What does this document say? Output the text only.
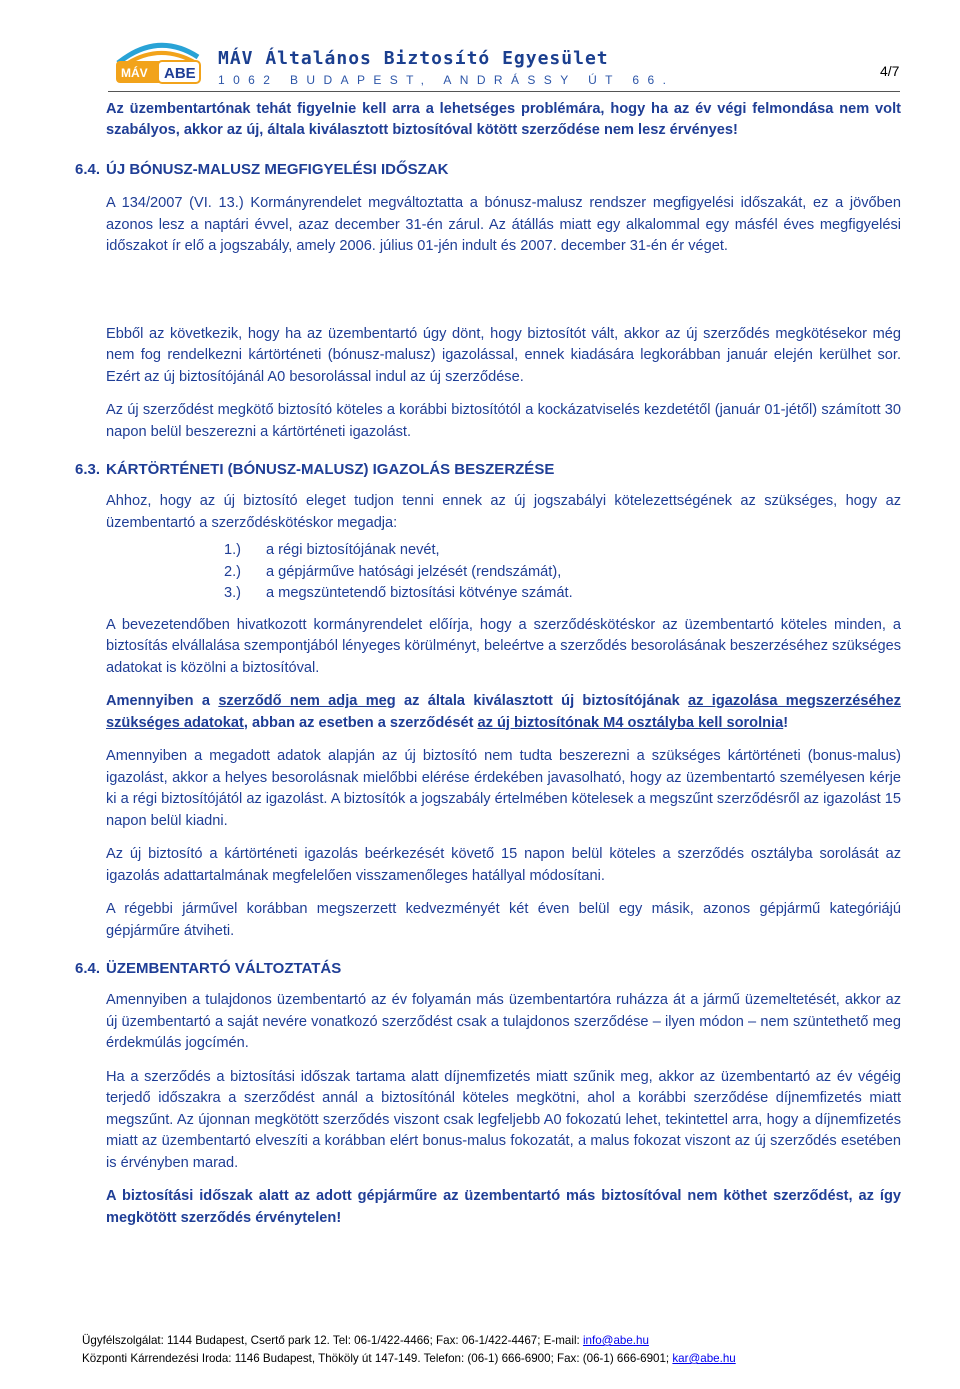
MÁV ABE
MÁV Általános Biztosító Egyesület
1062 BUDAPEST, ANDRÁSSY ÚT 66.
4/7

Az üzembentartónak tehát figyelnie kell arra a lehetséges problémára, hogy ha az év végi felmondása nem volt szabályos, akkor az új, általa kiválasztott biztosítóval kötött szerződése nem lesz érvényes!

6.4. ÚJ BÓNUSZ-MALUSZ MEGFIGYELÉSI IDŐSZAK

A 134/2007 (VI. 13.) Kormányrendelet megváltoztatta a bónusz-malusz rendszer megfigyelési időszakát, ez a jövőben azonos lesz a naptári évvel, azaz december 31-én zárul. Az átállás miatt egy alkalommal egy másfél éves megfigyelési időszakot ír elő a jogszabály, amely 2006. július 01-jén indult és 2007. december 31-én ér véget.

Ebből az következik, hogy ha az üzembentartó úgy dönt, hogy biztosítót vált, akkor az új szerződés megkötésekor még nem fog rendelkezni kártörténeti (bónusz-malusz) igazolással, ennek kiadására legkorábban január elején kerülhet sor. Ezért az új biztosítójánál A0 besorolással indul az új szerződése.

Az új szerződést megkötő biztosító köteles a korábbi biztosítótól a kockázatviselés kezdetétől (január 01-jétől) számított 30 napon belül beszerezni a kártörténeti igazolást.

6.3. KÁRTÖRTÉNETI (BÓNUSZ-MALUSZ) IGAZOLÁS BESZERZÉSE

Ahhoz, hogy az új biztosító eleget tudjon tenni ennek az új jogszabályi kötelezettségének az szükséges, hogy az üzembentartó a szerződéskötéskor megadja:

1.) a régi biztosítójának nevét,
2.) a gépjárműve hatósági jelzését (rendszámát),
3.) a megszüntetendő biztosítási kötvénye számát.

A bevezetendőben hivatkozott kormányrendelet előírja, hogy a szerződéskötéskor az üzembentartó köteles minden, a biztosítás elvállalása szempontjából lényeges körülményt, beleértve a szerződés besorolásának beszerzéséhez szükséges adatokat is közölni a biztosítóval.

Amennyiben a szerződő nem adja meg az általa kiválasztott új biztosítójának az igazolása megszerzéséhez szükséges adatokat, abban az esetben a szerződését az új biztosítónak M4 osztályba kell sorolnia!

Amennyiben a megadott adatok alapján az új biztosító nem tudta beszerezni a szükséges kártörténeti (bonus-malus) igazolást, akkor a helyes besorolásnak mielőbbi elérése érdekében javasolható, hogy az üzembentartó személyesen kérje ki a régi biztosítójától az igazolást. A biztosítók a jogszabály értelmében kötelesek a megszűnt szerződésről az igazolást 15 napon belül kiadni.

Az új biztosító a kártörténeti igazolás beérkezését követő 15 napon belül köteles a szerződés osztályba sorolását az igazolás adattartalmának megfelelően visszamenőleges hatállyal módosítani.

A régebbi járművel korábban megszerzett kedvezményét két éven belül egy másik, azonos gépjármű kategóriájú gépjárműre átviheti.

6.4. ÜZEMBENTARTÓ VÁLTOZTATÁS

Amennyiben a tulajdonos üzembentartó az év folyamán más üzembentartóra ruházza át a jármű üzemeltetését, akkor az új üzembentartó a saját nevére vonatkozó szerződést csak a tulajdonos szerződése – ilyen módon – nem szüntethető meg érdekmúlás jogcímén.

Ha a szerződés a biztosítási időszak tartama alatt díjnemfizetés miatt szűnik meg, akkor az üzembentartó az év végéig terjedő időszakra a szerződést annál a biztosítónál köteles megkötni, ahol a korábbi szerződése díjnemfizetés miatt megszűnt. Az újonnan megkötött szerződés viszont csak legfeljebb A0 fokozatú lehet, tekintettel arra, hogy a díjnemfizetés miatt az üzembentartó elveszíti a korábban elért bonus-malus fokozatát, a malus fokozat viszont az új szerződés esetében is érvényben marad.

A biztosítási időszak alatt az adott gépjárműre az üzembentartó más biztosítóval nem köthet szerződést, az így megkötött szerződés érvénytelen!

Ügyfélszolgálat: 1144 Budapest, Csertő park 12. Tel: 06-1/422-4466; Fax: 06-1/422-4467; E-mail: info@abe.hu
Központi Kárrendezési Iroda: 1146 Budapest, Thököly út 147-149. Telefon: (06-1) 666-6900; Fax: (06-1) 666-6901; kar@abe.hu
